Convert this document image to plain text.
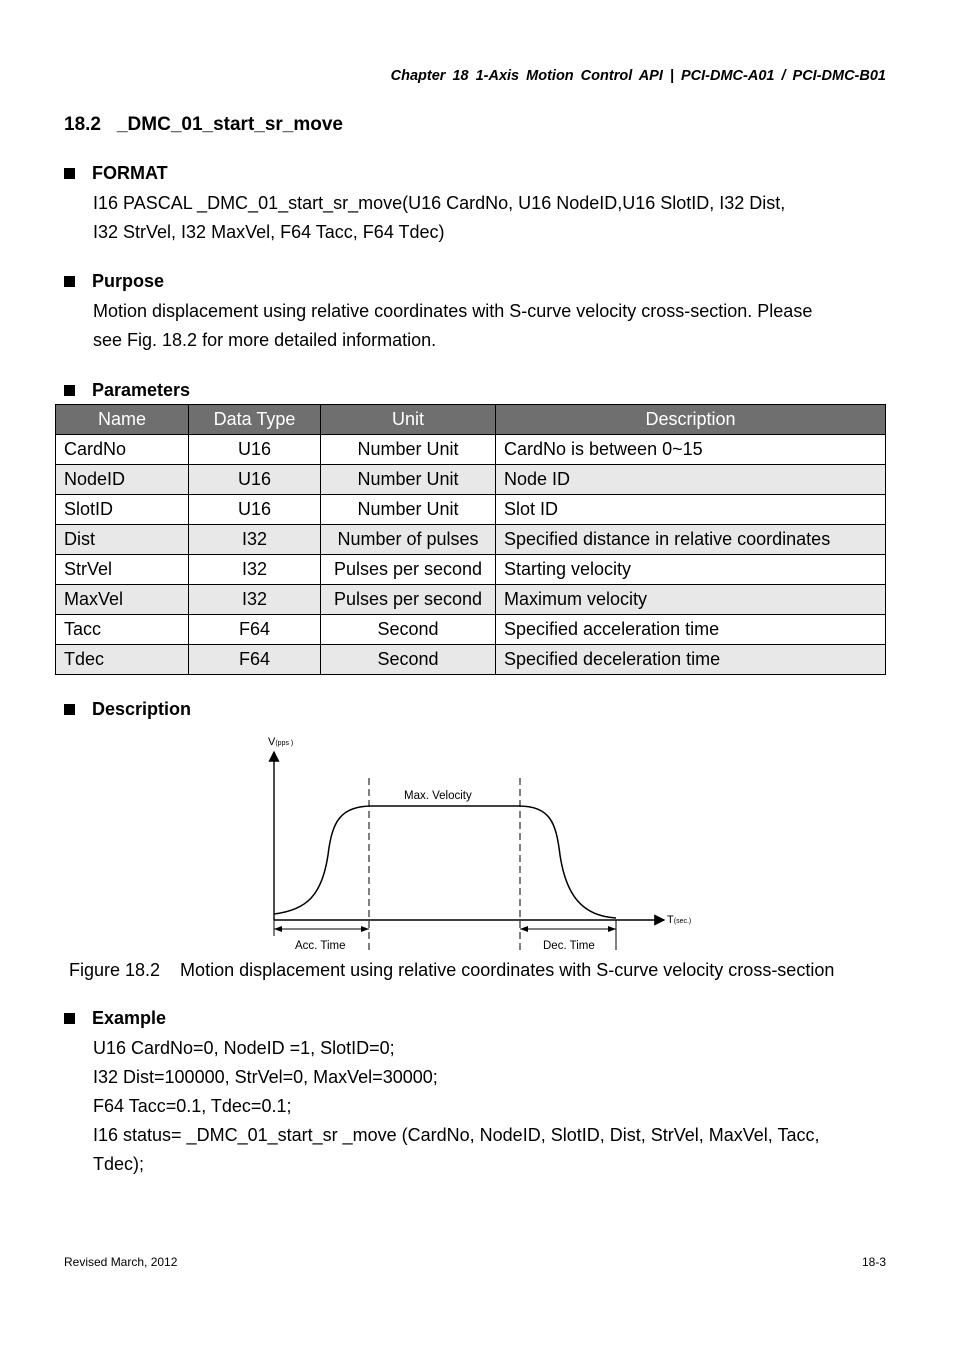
Chapter 18 1-Axis Motion Control API | PCI-DMC-A01 / PCI-DMC-B01
18.2 _DMC_01_start_sr_move
FORMAT
I16 PASCAL _DMC_01_start_sr_move(U16 CardNo, U16 NodeID,U16 SlotID, I32 Dist,
I32 StrVel, I32 MaxVel, F64 Tacc, F64 Tdec)
Purpose
Motion displacement using relative coordinates with S-curve velocity cross-section. Please
see Fig. 18.2 for more detailed information.
Parameters
Name	Data Type	Unit	Description
CardNo	U16	Number Unit	CardNo is between 0~15
NodeID	U16	Number Unit	Node ID
SlotID	U16	Number Unit	Slot ID
Dist	I32	Number of pulses	Specified distance in relative coordinates
StrVel	I32	Pulses per second	Starting velocity
MaxVel	I32	Pulses per second	Maximum velocity
Tacc	F64	Second	Specified acceleration time
Tdec	F64	Second	Specified deceleration time
Description
V(pps )
T(sec.)
Max. Velocity
Acc. Time	Dec. Time
Figure 18.2    Motion displacement using relative coordinates with S-curve velocity cross-section
Example
U16 CardNo=0, NodeID =1, SlotID=0;
I32 Dist=100000, StrVel=0, MaxVel=30000;
F64 Tacc=0.1, Tdec=0.1;
I16 status= _DMC_01_start_sr _move (CardNo, NodeID, SlotID, Dist, StrVel, MaxVel, Tacc,
Tdec);
Revised March, 2012	18-3
